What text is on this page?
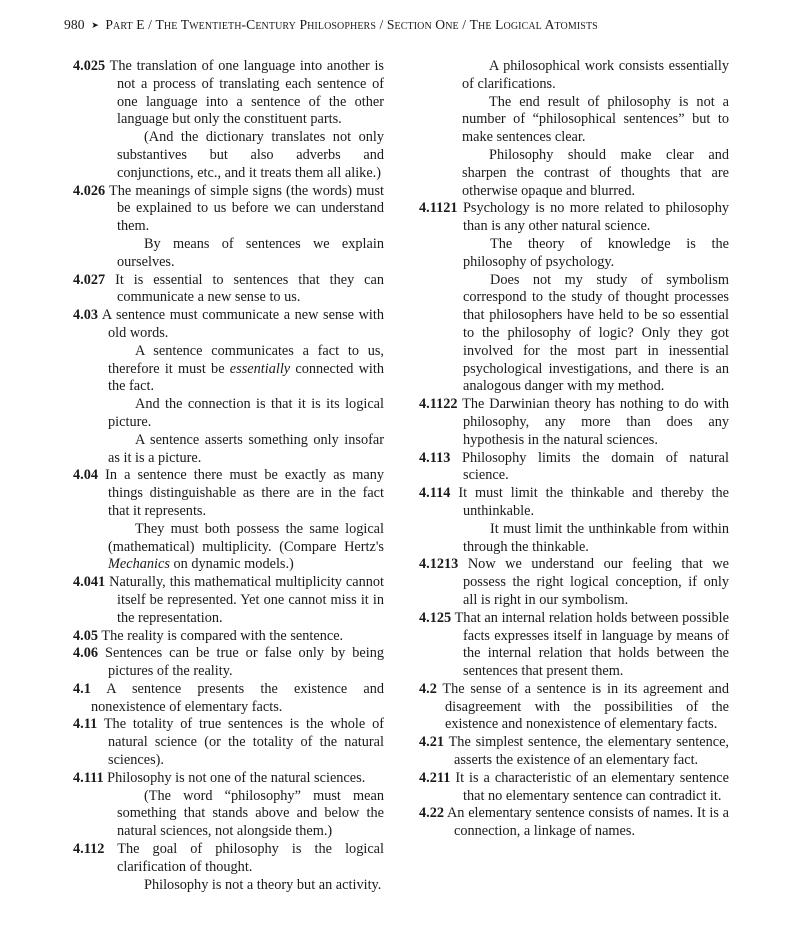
980 ➤ Part E / The Twentieth-Century Philosophers / Section One / The Logical Atomists

4.025 The translation of one language into another is not a process of translating each sentence of one language into a sentence of the other language but only the constituent parts.

(And the dictionary translates not only substantives but also adverbs and conjunctions, etc., and it treats them all alike.)

4.026 The meanings of simple signs (the words) must be explained to us before we can understand them.

By means of sentences we explain ourselves.

4.027 It is essential to sentences that they can communicate a new sense to us.

4.03 A sentence must communicate a new sense with old words.

A sentence communicates a fact to us, therefore it must be essentially connected with the fact.

And the connection is that it is its logical picture.

A sentence asserts something only insofar as it is a picture.

4.04 In a sentence there must be exactly as many things distinguishable as there are in the fact that it represents.

They must both possess the same logical (mathematical) multiplicity. (Compare Hertz's Mechanics on dynamic models.)

4.041 Naturally, this mathematical multiplicity cannot itself be represented. Yet one cannot miss it in the representation.

4.05 The reality is compared with the sentence.

4.06 Sentences can be true or false only by being pictures of the reality.

4.1 A sentence presents the existence and nonexistence of elementary facts.

4.11 The totality of true sentences is the whole of natural science (or the totality of the natural sciences).

4.111 Philosophy is not one of the natural sciences.

(The word “philosophy” must mean something that stands above and below the natural sciences, not alongside them.)

4.112 The goal of philosophy is the logical clarification of thought.

Philosophy is not a theory but an activity.

A philosophical work consists essentially of clarifications.

The end result of philosophy is not a number of “philosophical sentences” but to make sentences clear.

Philosophy should make clear and sharpen the contrast of thoughts that are otherwise opaque and blurred.

4.1121 Psychology is no more related to philosophy than is any other natural science.

The theory of knowledge is the philosophy of psychology.

Does not my study of symbolism correspond to the study of thought processes that philosophers have held to be so essential to the philosophy of logic? Only they got involved for the most part in inessential psychological investigations, and there is an analogous danger with my method.

4.1122 The Darwinian theory has nothing to do with philosophy, any more than does any hypothesis in the natural sciences.

4.113 Philosophy limits the domain of natural science.

4.114 It must limit the thinkable and thereby the unthinkable.

It must limit the unthinkable from within through the thinkable.

4.1213 Now we understand our feeling that we possess the right logical conception, if only all is right in our symbolism.

4.125 That an internal relation holds between possible facts expresses itself in language by means of the internal relation that holds between the sentences that present them.

4.2 The sense of a sentence is in its agreement and disagreement with the possibilities of the existence and nonexistence of elementary facts.

4.21 The simplest sentence, the elementary sentence, asserts the existence of an elementary fact.

4.211 It is a characteristic of an elementary sentence that no elementary sentence can contradict it.

4.22 An elementary sentence consists of names. It is a connection, a linkage of names.
